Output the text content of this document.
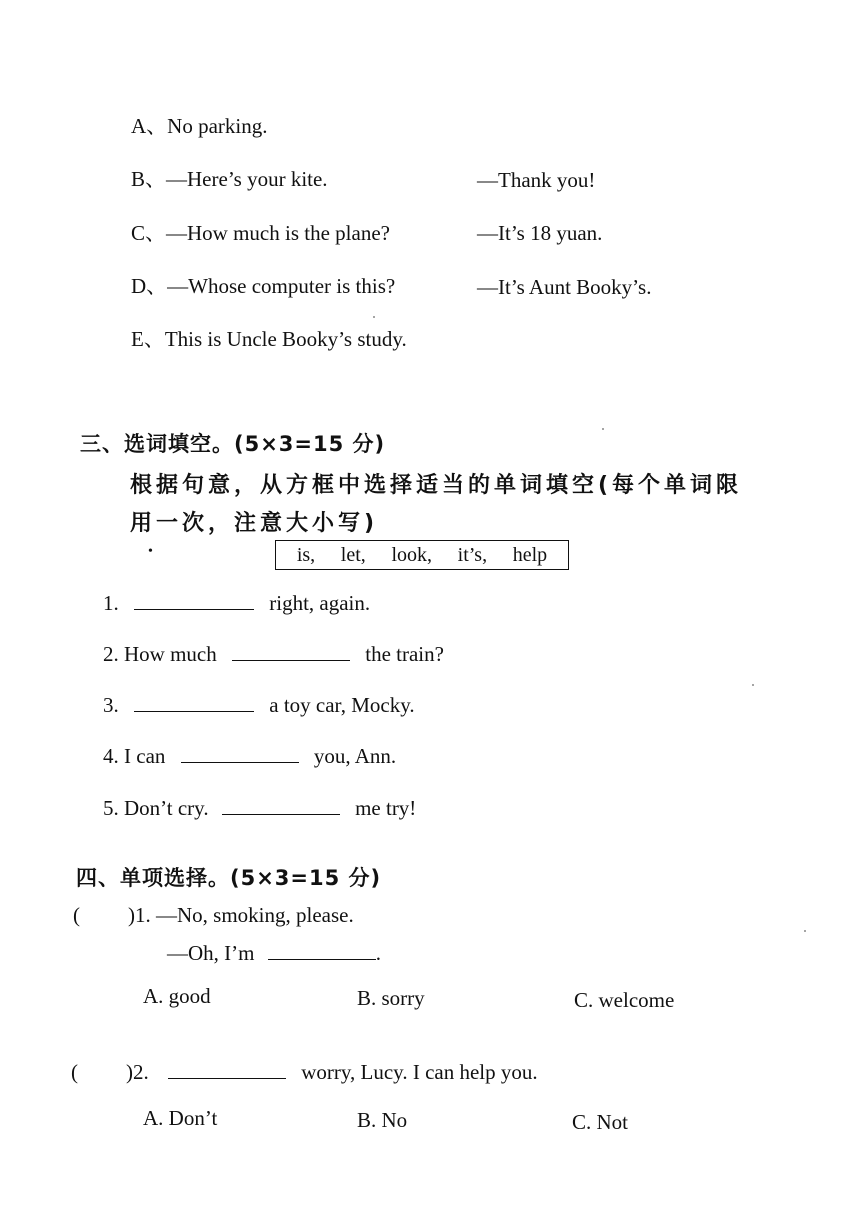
A、No parking.
B、—Here’s your kite.	—Thank you!
C、—How much is the plane?	—It’s 18 yuan.
D、—Whose computer is this?	—It’s Aunt Booky’s.
E、This is Uncle Booky’s study.
三、选词填空。(5×3=15 分)
根据句意，从方框中选择适当的单词填空(每个单词限
用一次，注意大小写)
•	is, let, look, it’s, help
1.	right, again.
2. How much	the train?
3.	a toy car, Mocky.
4. I can	you, Ann.
5. Don’t cry.	me try!
四、单项选择。(5×3=15 分)
( )1. —No, smoking, please.
—Oh, I’m	.
A. good	B. sorry	C. welcome
( )2.	worry, Lucy. I can help you.
A. Don’t	B. No	C. Not
